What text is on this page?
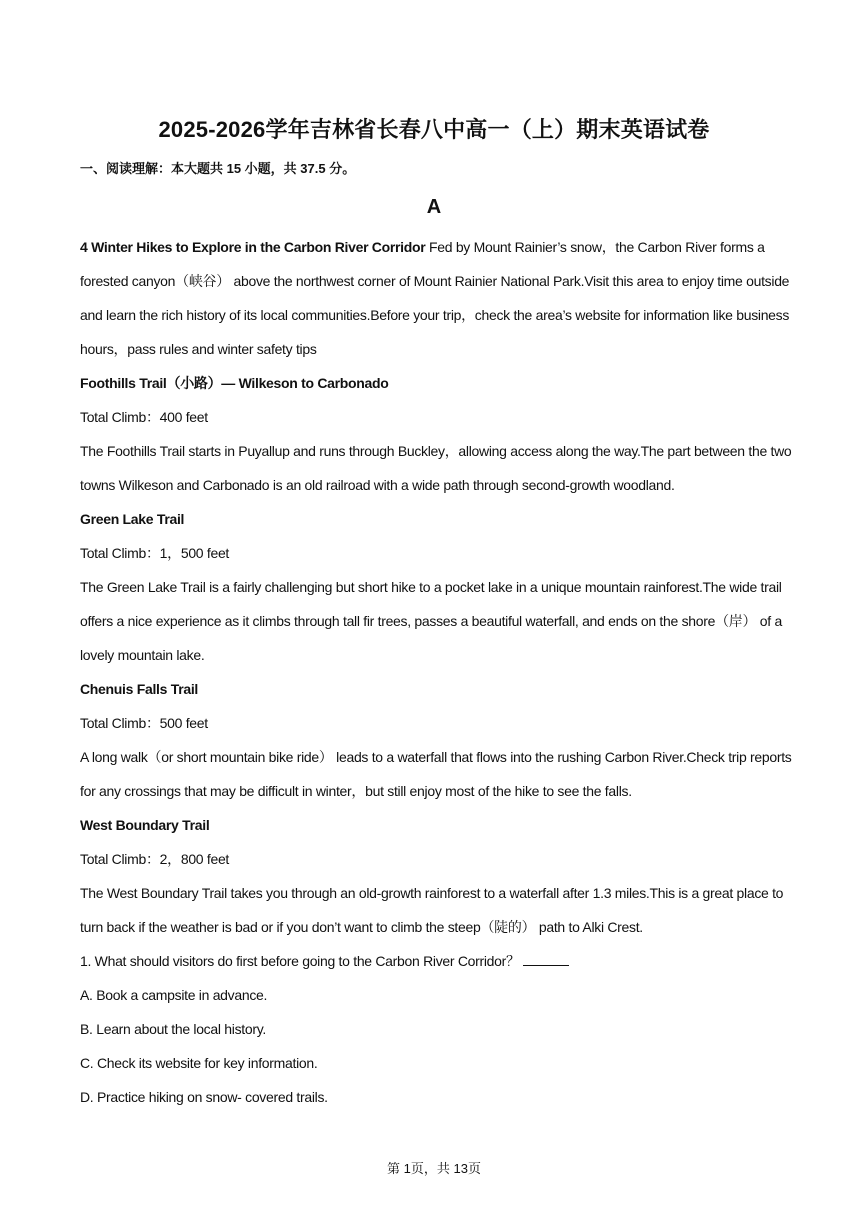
2025-2026学年吉林省长春八中高一（上）期末英语试卷
一、阅读理解：本大题共 15 小题，共 37.5 分。
A

4 Winter Hikes to Explore in the Carbon River Corridor Fed by Mount Rainier’s snow，the Carbon River forms a forested canyon（峡谷） above the northwest corner of Mount Rainier National Park.Visit this area to enjoy time outside and learn the rich history of its local communities.Before your trip，check the area’s website for information like business hours，pass rules and winter safety tips

Foothills Trail（小路）— Wilkeson to Carbonado

Total Climb：400 feet

The Foothills Trail starts in Puyallup and runs through Buckley，allowing access along the way.The part between the two towns Wilkeson and Carbonado is an old railroad with a wide path through second-growth woodland.

Green Lake Trail

Total Climb：1，500 feet

The Green Lake Trail is a fairly challenging but short hike to a pocket lake in a unique mountain rainforest.The wide trail offers a nice experience as it climbs through tall fir trees, passes a beautiful waterfall, and ends on the shore（岸） of a lovely mountain lake.

Chenuis Falls Trail

Total Climb：500 feet

A long walk（or short mountain bike ride） leads to a waterfall that flows into the rushing Carbon River.Check trip reports for any crossings that may be difficult in winter，but still enjoy most of the hike to see the falls.

West Boundary Trail

Total Climb：2，800 feet

The West Boundary Trail takes you through an old-growth rainforest to a waterfall after 1.3 miles.This is a great place to turn back if the weather is bad or if you don’t want to climb the steep（陡的） path to Alki Crest.

1. What should visitors do first before going to the Carbon River Corridor？

A. Book a campsite in advance.

B. Learn about the local history.

C. Check its website for key information.

D. Practice hiking on snow- covered trails.

第 1页，共 13页
